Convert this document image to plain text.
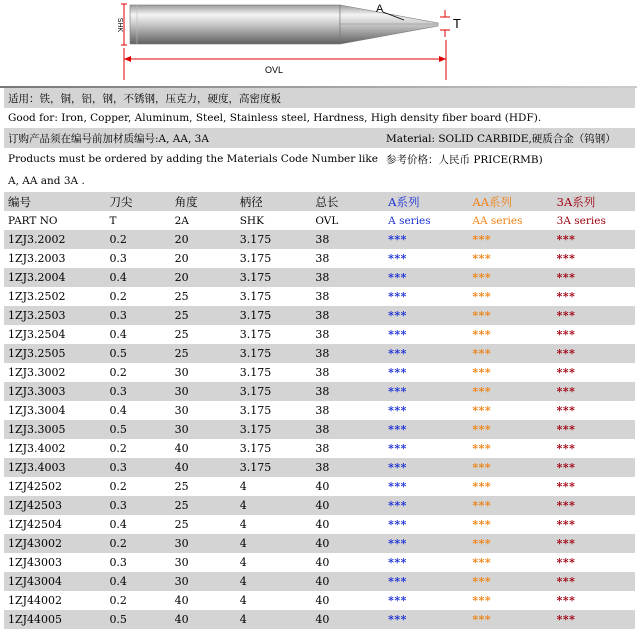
SHK
A
T
OVL
适用：铁，铜，铝，钢，不锈钢，压克力，硬度，高密度板
Good for: Iron, Copper, Aluminum, Steel, Stainless steel, Hardness, High density fiber board (HDF).
订购产品须在编号前加材质编号:A, AA, 3A	Material: SOLID CARBIDE,硬质合金（钨钢）
Products must be ordered by adding the Materials Code Number like 参考价格：人民币 PRICE(RMB)
A, AA and 3A .
编号	刀尖	角度	柄径	总长	A系列	AA系列	3A系列
PART NO	T	2A	SHK	OVL	A series	AA series	3A series
1ZJ3.2002	0.2	20	3.175	38	***	***	***
1ZJ3.2003	0.3	20	3.175	38	***	***	***
1ZJ3.2004	0.4	20	3.175	38	***	***	***
1ZJ3.2502	0.2	25	3.175	38	***	***	***
1ZJ3.2503	0.3	25	3.175	38	***	***	***
1ZJ3.2504	0.4	25	3.175	38	***	***	***
1ZJ3.2505	0.5	25	3.175	38	***	***	***
1ZJ3.3002	0.2	30	3.175	38	***	***	***
1ZJ3.3003	0.3	30	3.175	38	***	***	***
1ZJ3.3004	0.4	30	3.175	38	***	***	***
1ZJ3.3005	0.5	30	3.175	38	***	***	***
1ZJ3.4002	0.2	40	3.175	38	***	***	***
1ZJ3.4003	0.3	40	3.175	38	***	***	***
1ZJ42502	0.2	25	4	40	***	***	***
1ZJ42503	0.3	25	4	40	***	***	***
1ZJ42504	0.4	25	4	40	***	***	***
1ZJ43002	0.2	30	4	40	***	***	***
1ZJ43003	0.3	30	4	40	***	***	***
1ZJ43004	0.4	30	4	40	***	***	***
1ZJ44002	0.2	40	4	40	***	***	***
1ZJ44005	0.5	40	4	40	***	***	***
